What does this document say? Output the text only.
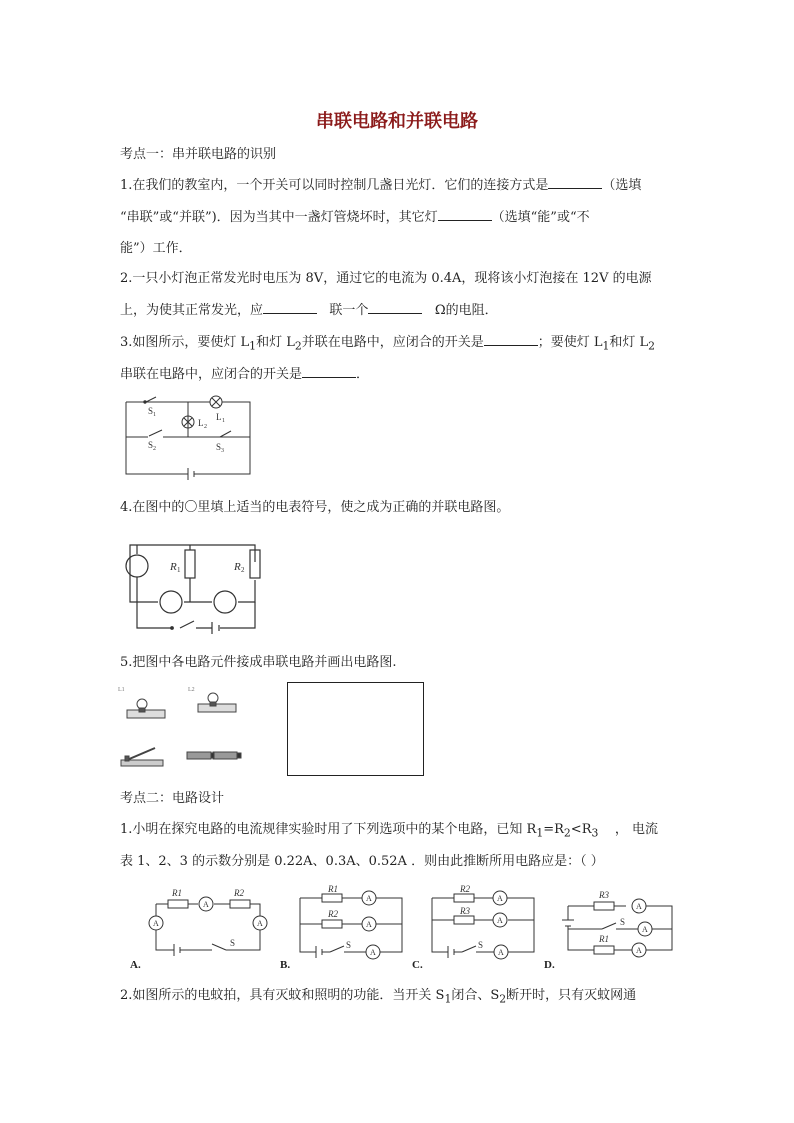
串联电路和并联电路
考点一：串并联电路的识别
1.在我们的教室内，一个开关可以同时控制几盏日光灯．它们的连接方式是	（选填
“串联”或“并联”)．因为当其中一盏灯管烧坏时，其它灯	（选填“能”或“不
能”）工作．
2.一只小灯泡正常发光时电压为 8V，通过它的电流为 0.4A，现将该小灯泡接在 12V 的电源
上，为使其正常发光，应	联一个	Ω的电阻．
3.如图所示，要使灯 $L_1$和灯 $L_2$并联在电路中，应闭合的开关是	；要使灯 $L_1$和灯 $L_2$
串联在电路中，应闭合的开关是	．
S 1
S 2	S 3
L 1
L 2
4.在图中的〇里填上适当的电表符号，使之成为正确的并联电路图。
R 1	R 2
5.把图中各电路元件接成串联电路并画出电路图.
L1	L2
考点二：电路设计
1.小明在探究电路的电流规律实验时用了下列选项中的某个电路，已知 $R_1=R_2<R_3$ ， 电流
表 1、2、3 的示数分别是 0.22A、0.3A、0.52A ．则由此推断所用电路应是：（ ）
A
A	A
R1	R2
S
A.
A
A
A
R1
R2
S
B.
A
A
A
R2
R3
S
C.
A
A
A
R3
R1
S
D.
2.如图所示的电蚊拍，具有灭蚊和照明的功能．当开关 $S_1$闭合、$S_2$断开时，只有灭蚊网通
